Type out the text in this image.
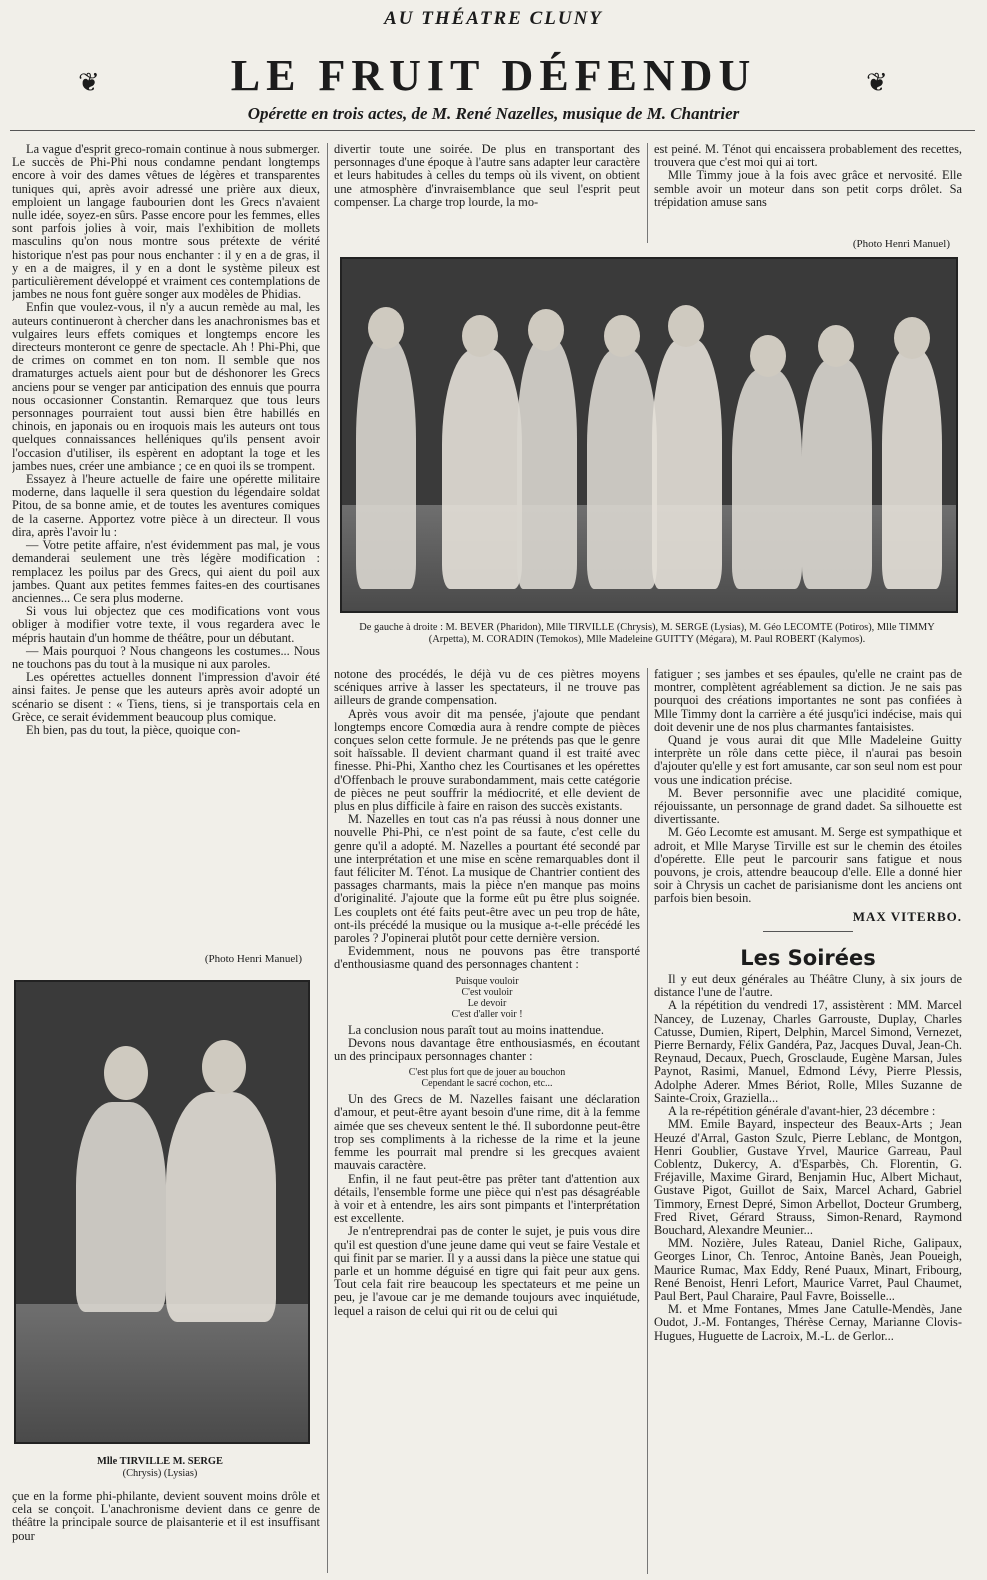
AU THÉATRE CLUNY
❦	LE FRUIT DÉFENDU	❦
Opérette en trois actes, de M. René Nazelles, musique de M. Chantrier

La vague d'esprit greco-romain continue à nous submerger. Le succès de Phi-Phi nous condamne pendant longtemps encore à voir des dames vêtues de légères et transparentes tuniques qui, après avoir adressé une prière aux dieux, emploient un langage faubourien dont les Grecs n'avaient nulle idée, soyez-en sûrs. Passe encore pour les femmes, elles sont parfois jolies à voir, mais l'exhibition de mollets masculins qu'on nous montre sous prétexte de vérité historique n'est pas pour nous enchanter : il y en a de gras, il y en a de maigres, il y en a dont le système pileux est particulièrement développé et vraiment ces contemplations de jambes ne nous font guère songer aux modèles de Phidias.

Enfin que voulez-vous, il n'y a aucun remède au mal, les auteurs continueront à chercher dans les anachronismes bas et vulgaires leurs effets comiques et longtemps encore les directeurs monteront ce genre de spectacle. Ah ! Phi-Phi, que de crimes on commet en ton nom. Il semble que nos dramaturges actuels aient pour but de déshonorer les Grecs anciens pour se venger par anticipation des ennuis que pourra nous occasionner Constantin. Remarquez que tous leurs personnages pourraient tout aussi bien être habillés en chinois, en japonais ou en iroquois mais les auteurs ont tous quelques connaissances helléniques qu'ils pensent avoir l'occasion d'utiliser, ils espèrent en adoptant la toge et les jambes nues, créer une ambiance ; ce en quoi ils se trompent.

Essayez à l'heure actuelle de faire une opérette militaire moderne, dans laquelle il sera question du légendaire soldat Pitou, de sa bonne amie, et de toutes les aventures comiques de la caserne. Apportez votre pièce à un directeur. Il vous dira, après l'avoir lu :

— Votre petite affaire, n'est évidemment pas mal, je vous demanderai seulement une très légère modification : remplacez les poilus par des Grecs, qui aient du poil aux jambes. Quant aux petites femmes faites-en des courtisanes anciennes... Ce sera plus moderne.

Si vous lui objectez que ces modifications vont vous obliger à modifier votre texte, il vous regardera avec le mépris hautain d'un homme de théâtre, pour un débutant.

— Mais pourquoi ? Nous changeons les costumes... Nous ne touchons pas du tout à la musique ni aux paroles.

Les opérettes actuelles donnent l'impression d'avoir été ainsi faites. Je pense que les auteurs après avoir adopté un scénario se disent : « Tiens, tiens, si je transportais cela en Grèce, ce serait évidemment beaucoup plus comique.

Eh bien, pas du tout, la pièce, quoique con-

(Photo Henri Manuel)
Mlle TIRVILLE M. SERGE
(Chrysis) (Lysias)

çue en la forme phi-philante, devient souvent moins drôle et cela se conçoit. L'anachronisme devient dans ce genre de théâtre la principale source de plaisanterie et il est insuffisant pour

divertir toute une soirée. De plus en transportant des personnages d'une époque à l'autre sans adapter leur caractère et leurs habitudes à celles du temps où ils vivent, on obtient une atmosphère d'invraisemblance que seul l'esprit peut compenser. La charge trop lourde, la mo-

est peiné. M. Ténot qui encaissera probablement des recettes, trouvera que c'est moi qui ai tort.

Mlle Timmy joue à la fois avec grâce et nervosité. Elle semble avoir un moteur dans son petit corps drôlet. Sa trépidation amuse sans

(Photo Henri Manuel)
De gauche à droite : M. BEVER (Pharidon), Mlle TIRVILLE (Chrysis), M. SERGE (Lysias), M. Géo LECOMTE (Potiros), Mlle TIMMY (Arpetta), M. CORADIN (Temokos), Mlle Madeleine GUITTY (Mégara), M. Paul ROBERT (Kalymos).

notone des procédés, le déjà vu de ces piètres moyens scéniques arrive à lasser les spectateurs, il ne trouve pas ailleurs de grande compensation.

Après vous avoir dit ma pensée, j'ajoute que pendant longtemps encore Comœdia aura à rendre compte de pièces conçues selon cette formule. Je ne prétends pas que le genre soit haïssable. Il devient charmant quand il est traité avec finesse. Phi-Phi, Xantho chez les Courtisanes et les opérettes d'Offenbach le prouve surabondamment, mais cette catégorie de pièces ne peut souffrir la médiocrité, et elle devient de plus en plus difficile à faire en raison des succès existants.

M. Nazelles en tout cas n'a pas réussi à nous donner une nouvelle Phi-Phi, ce n'est point de sa faute, c'est celle du genre qu'il a adopté. M. Nazelles a pourtant été secondé par une interprétation et une mise en scène remarquables dont il faut féliciter M. Ténot. La musique de Chantrier contient des passages charmants, mais la pièce n'en manque pas moins d'originalité. J'ajoute que la forme eût pu être plus soignée. Les couplets ont été faits peut-être avec un peu trop de hâte, ont-ils précédé la musique ou la musique a-t-elle précédé les paroles ? J'opinerai plutôt pour cette dernière version.

Evidemment, nous ne pouvons pas être transporté d'enthousiasme quand des personnages chantent :

Puisque vouloir
C'est vouloir
Le devoir
C'est d'aller voir !

La conclusion nous paraît tout au moins inattendue.

Devons nous davantage être enthousiasmés, en écoutant un des principaux personnages chanter :

C'est plus fort que de jouer au bouchon
Cependant le sacré cochon, etc...

Un des Grecs de M. Nazelles faisant une déclaration d'amour, et peut-être ayant besoin d'une rime, dit à la femme aimée que ses cheveux sentent le thé. Il subordonne peut-être trop ses compliments à la richesse de la rime et la jeune femme les pourrait mal prendre si les grecques avaient mauvais caractère.

Enfin, il ne faut peut-être pas prêter tant d'attention aux détails, l'ensemble forme une pièce qui n'est pas désagréable à voir et à entendre, les airs sont pimpants et l'interprétation est excellente.

Je n'entreprendrai pas de conter le sujet, je puis vous dire qu'il est question d'une jeune dame qui veut se faire Vestale et qui finit par se marier. Il y a aussi dans la pièce une statue qui parle et un homme déguisé en tigre qui fait peur aux gens. Tout cela fait rire beaucoup les spectateurs et me peine un peu, je l'avoue car je me demande toujours avec inquiétude, lequel a raison de celui qui rit ou de celui qui

fatiguer ; ses jambes et ses épaules, qu'elle ne craint pas de montrer, complètent agréablement sa diction. Je ne sais pas pourquoi des créations importantes ne sont pas confiées à Mlle Timmy dont la carrière a été jusqu'ici indécise, mais qui doit devenir une de nos plus charmantes fantaisistes.

Quand je vous aurai dit que Mlle Madeleine Guitty interprète un rôle dans cette pièce, il n'aurai pas besoin d'ajouter qu'elle y est fort amusante, car son seul nom est pour vous une indication précise.

M. Bever personnifie avec une placidité comique, réjouissante, un personnage de grand dadet. Sa silhouette est divertissante.

M. Géo Lecomte est amusant. M. Serge est sympathique et adroit, et Mlle Maryse Tirville est sur le chemin des étoiles d'opérette. Elle peut le parcourir sans fatigue et nous pouvons, je crois, attendre beaucoup d'elle. Elle a donné hier soir à Chrysis un cachet de parisianisme dont les anciens ont parfois bien besoin.

MAX VITERBO.
Les Soirées

Il y eut deux générales au Théâtre Cluny, à six jours de distance l'une de l'autre.

A la répétition du vendredi 17, assistèrent : MM. Marcel Nancey, de Luzenay, Charles Garrouste, Duplay, Charles Catusse, Dumien, Ripert, Delphin, Marcel Simond, Vernezet, Pierre Bernardy, Félix Gandéra, Paz, Jacques Duval, Jean-Ch. Reynaud, Decaux, Puech, Grosclaude, Eugène Marsan, Jules Paynot, Rasimi, Manuel, Edmond Lévy, Pierre Plessis, Adolphe Aderer. Mmes Bériot, Rolle, Mlles Suzanne de Sainte-Croix, Graziella...

A la re-répétition générale d'avant-hier, 23 décembre :

MM. Emile Bayard, inspecteur des Beaux-Arts ; Jean Heuzé d'Arral, Gaston Szulc, Pierre Leblanc, de Montgon, Henri Goublier, Gustave Yrvel, Maurice Garreau, Paul Coblentz, Dukercy, A. d'Esparbès, Ch. Florentin, G. Fréjaville, Maxime Girard, Benjamin Huc, Albert Michaut, Gustave Pigot, Guillot de Saix, Marcel Achard, Gabriel Timmory, Ernest Depré, Simon Arbellot, Docteur Grumberg, Fred Rivet, Gérard Strauss, Simon-Renard, Raymond Bouchard, Alexandre Meunier...

MM. Nozière, Jules Rateau, Daniel Riche, Galipaux, Georges Linor, Ch. Tenroc, Antoine Banès, Jean Poueigh, Maurice Rumac, Max Eddy, René Puaux, Minart, Fribourg, René Benoist, Henri Lefort, Maurice Varret, Paul Chaumet, Paul Bert, Paul Charaire, Paul Favre, Boisselle...

M. et Mme Fontanes, Mmes Jane Catulle-Mendès, Jane Oudot, J.-M. Fontanges, Thérèse Cernay, Marianne Clovis-Hugues, Huguette de Lacroix, M.-L. de Gerlor...
